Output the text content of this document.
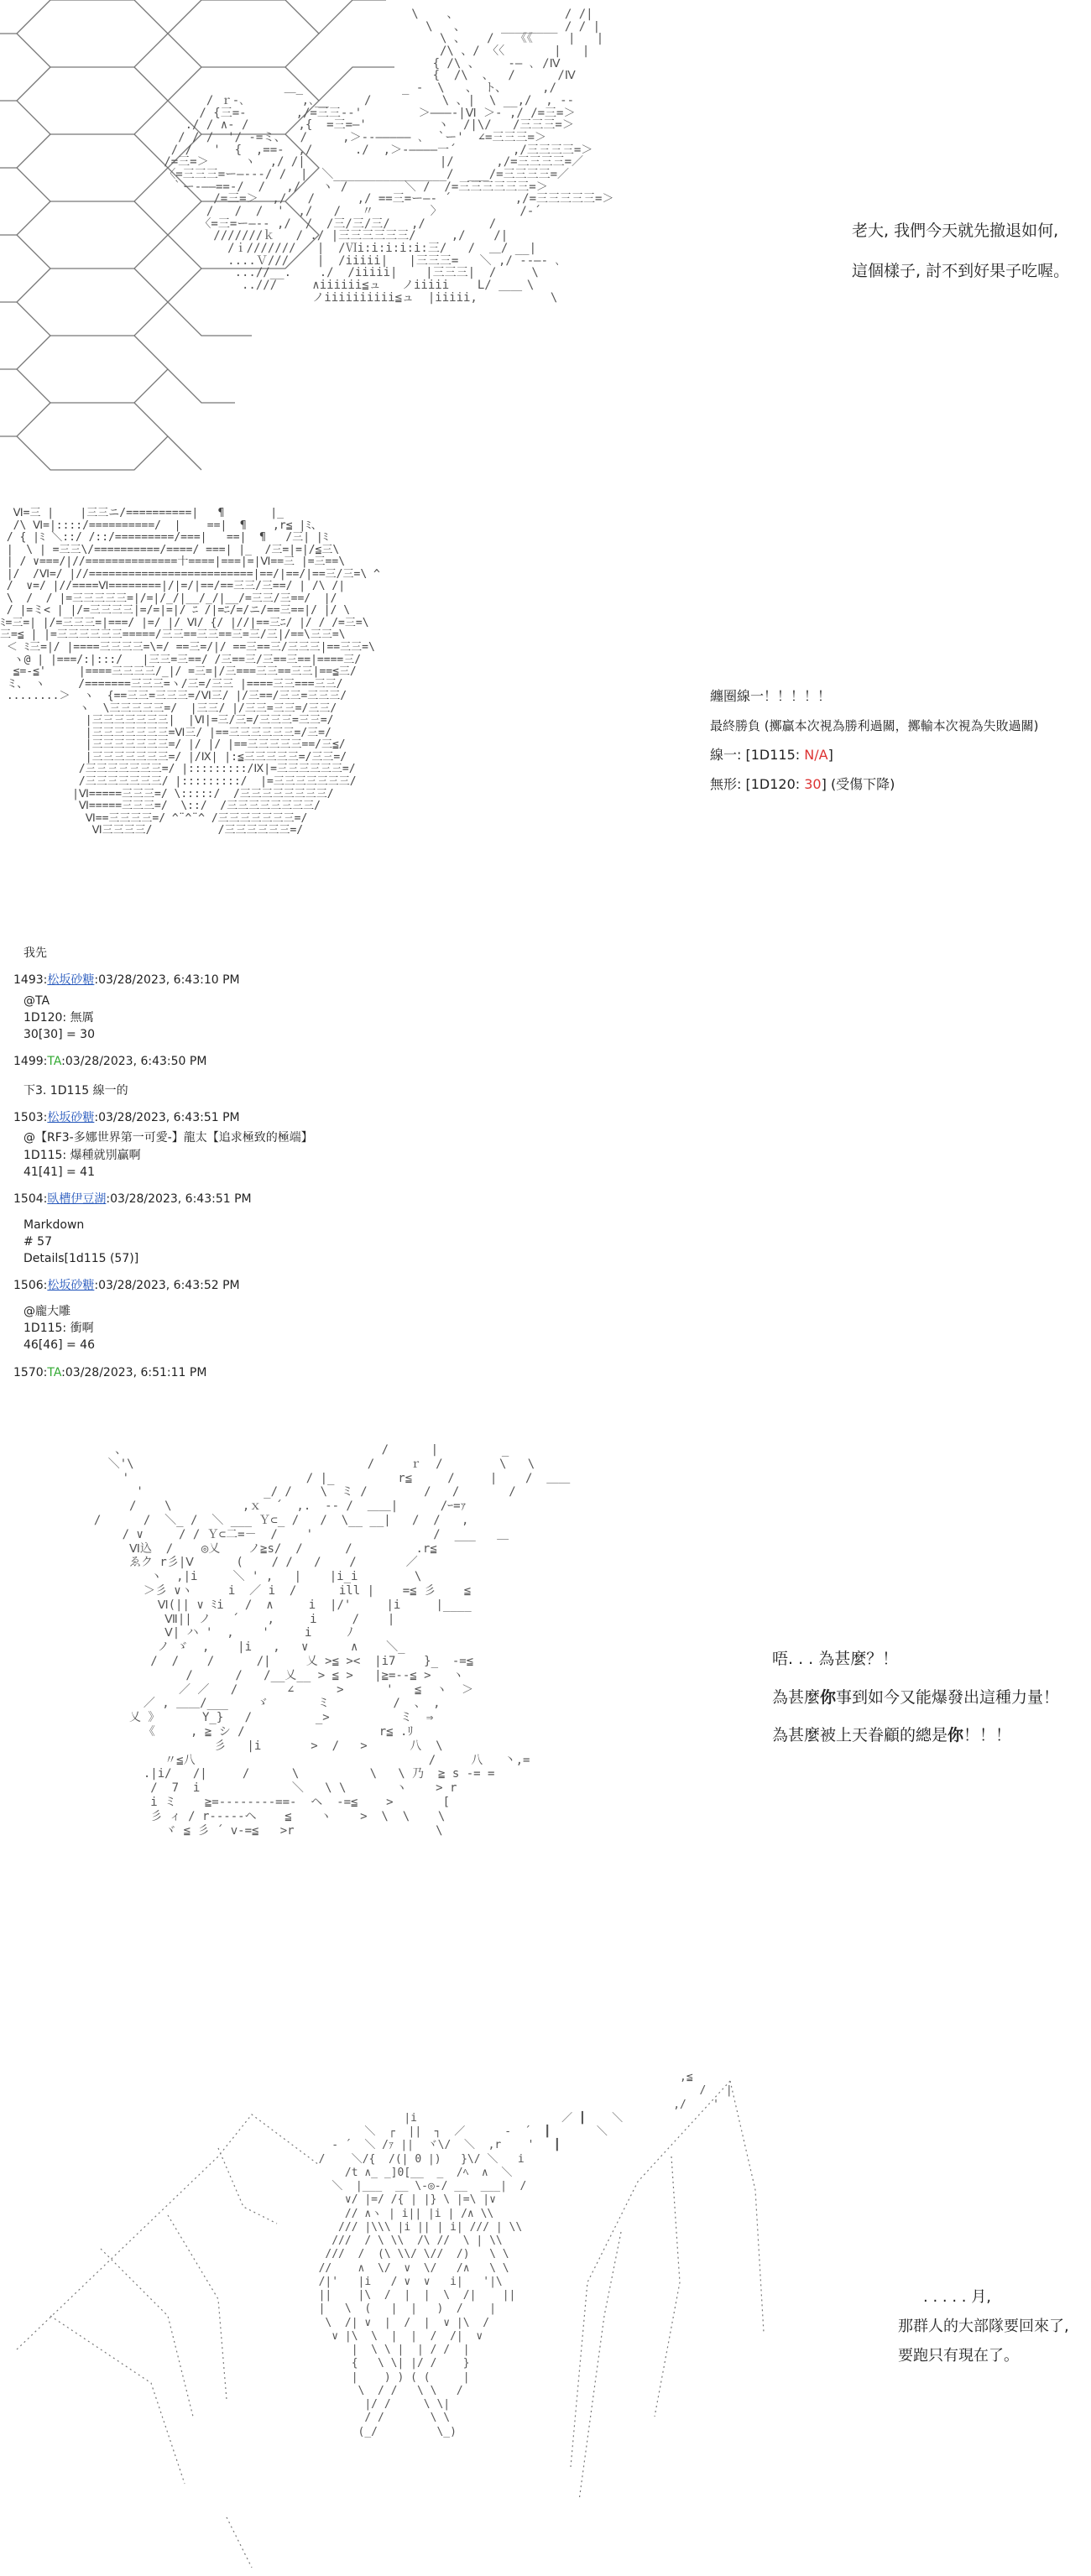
\    、               / /|
\   、     ________ / / |
\ 、   /   《《     |   |
/\ 、/ 〈〈       |   |
{ /\ 、    ‐― ､ /Ⅳ
{  /\  、  /      /Ⅳ
＿_              _ ‐  \   、 ト、     ,/
/ ｒ‐､        ,､__     /          \ 、|  \ __,/  , -‐
/ {三=-       ,/=三三-‐'        ＞―――‐|Ⅵ ＞- ,/ /=三=＞
./ / ∧‐ /       ,{  =三=―'          ヽ  /|\/   /三三三=＞
/ / /  '/ ‐=ミ、  /     ,＞‐-――――― ､  `ー'  ∠=三三三=＞
/ /   '  {  ,==-  ,/      ./  ,＞-――――一´        ,/三三三三=＞
/=三=＞     ヽ  ,/ /|                   |/      ,/=三三三三=／
〈=三三三=ー―‐-‐/ /  |  ＼________________/  ___/=三三三三=／
｀ー-――==‐/  /   ,/   ヽ /        ＼ /  /=三三三三三三=＞
/=三=＞  ,/   /      ,/ ==三=ー―‐ ´         ,/=三三三三三=＞
/   /  /  '  ,/   /   〃        〉           /‐´
〈=三=ー―-- ,/  /  /三/三/三/   ,/         /
///////ｋ   / ./ |三三三三三三/     ,/    /|
/ｉ///////   |  /Ⅵi:i:i:i:i:三/   /  ＿/ __|
....Ｖ///    |  /iiiii|   |三三三=   ＼ ,/ ‐-―‐ ､
...//__.    ./  /iiiii|    |三三三|  /     \
..///     ∧iiiiii≦ュ   ノiiiii    L/     \
ノiiiiiiiiii≦ュ  |iiiii,   ￣￣    \

老大, 我們今天就先撤退如何,

這個樣子, 討不到好果子吃喔。

Ⅵ=三 |    |三三ニ/==========|   ¶       |_
/\ Ⅵ=|::::/==========/  |    ==|  ¶    ,r≦ |ﾐ、
/ { |ﾐ ＼::/ /::/=========/===|   ==|  ¶   /三| |ﾐ
|  \ | =三三\/==========/====/ ===| |_  /三=|=|/≦三\
| / ∨===/|//==============十====|===|=|Ⅵ==三 |=三==\
|/  /Ⅵ=/ |//=========================|==/|==/|==三/三=\ ^
/  ∨=/ |//====Ⅵ========|/|=/|==/==三三/三==/ | /\ /|
\  /  / |=三三三三三=|/=|/_/|__/_/|__/=三三/三==/  |/
/ |=ミ< | |/=三三三三|=/=|=|/ ﾆ /|=ﾆ/=/ニ/==三==|/ |/ \
ﾐ=三=| |/=三三三=|===/ |=/ |/ Ⅵ/ {/ |//|==三ﾆ/ |/ / /=三=\
三=≦ | |=三三三三三三=====/三三==三三==三=三/三|/==\三三=\
＜ ﾐ三=|/ |====三三三三=\=/ ==三=/|/ ==三==三/三三三|==三三=\
ヽ@ | |===/:|:::/   |三三=三==/ /三==三/三==三==|====三/
≦=-≦'     |====三三三三/_|/ =三=|/三===三三==三三|==≦三/
ミ、 ヽ     /=======三三三=ヽ/三=/三三 |====三三===三三/
........＞  ヽ  {==三三=三三三=/Ⅵ三/ |/三==/三三=三三三/
ヽ  \三三三三三=/  |三三/ |/三三=三三=/三三/
|三三三三三三三|  |Ⅵ|=三/三=/三三三=三三=/
|三三三三三三三=Ⅵ三/ |==三三三三三三=/三=/
|三三三三三三三=/ |/ |/ |==三三三三三==/三≦/
|三三三三三三三=/ |/Ⅸ| |:≦三三三三三=/三三=/
/三三三三三三三=/ |:::::::::/Ⅸ|=三三三三三三=/
/三三三三三三三/ |:::::::::/  |=三三三三三三三/
|Ⅵ=====三三三=/ \:::::/  /三三三三三三三三/
Ⅵ=====三三三=/  \::/  /三三三三三三三三/
Ⅵ==三三三三=/ ^¨^¨^ /三三三三三三三=/
Ⅵ三三三三/          /三三三三三三=/

纏圈線一！！！！！

最終勝負 (擲贏本次視為勝利過關，擲輸本次視為失敗過關)

線一: [1D115: N/A]

無形: [1D120: 30] (受傷下降)

我先
1493:松坂砂糖:03/28/2023, 6:43:10 PM
@TA
1D120: 無厲
30[30] = 30
1499:TA:03/28/2023, 6:43:50 PM
下3. 1D115 線一的
1503:松坂砂糖:03/28/2023, 6:43:51 PM
@【RF3-多娜世界第一可愛-】龍太【追求極致的極端】
1D115: 爆種就別贏啊
41[41] = 41
1504:臥槽伊豆湖:03/28/2023, 6:43:51 PM
Markdown
# 57
Details[1d115 (57)]
1506:松坂砂糖:03/28/2023, 6:43:52 PM
@龐大雕
1D115: 衝啊
46[46] = 46
1570:TA:03/28/2023, 6:51:11 PM
、                                    /      |         _
＼'\                                 /     ｒ  /        \   \
'                         / |_         r≦     /     |    /  ＿＿
'                 _/ /    \  ミ /        /   /       /
/    \          ,ｘ  ´  ,.  -‐ /  ＿＿|      /ｰ=ｧ
/      /  ＼_ /  ＼ ___ Ｙ⊂_ /   /  \__ __|   /  /   ,
/ ∨     / / Ｙ⊂二=－  /    '                 /  ___   ＿
Ⅵ込  /    ◎乂    ノ≧s/  /      /         .r≦
ゑク r彡|Ⅴ      (    / /   /    /       ／
ヽ  ,|i     ＼ ' ,   |    |i_i        \
＞彡 ∨ヽ     i  ／ i  /      ill |    =≦ 彡    ≦
Ⅵ(|| ∨ ﾐi   /  ∧     i  |/'     |i     |____
Ⅶ|| ノ   ´    ,     i     /    |
Ⅴ| ハ '  ,    '     i     ﾉ
ノ ゞ  ,    |i   ,   ∨      ∧    ＼_
/  /    /      /|     乂 >≦ ><  |i7    }_  -=≦
/      /   /__乂__ > ≦ >   |≧=--≦ >   ヽ
／ ／   /       ∠      >      '   ≦  ヽ  ＞
／ , ＿＿/___    ゞ       ミ         /  、 ,
乂 》      Y_}   /         _>          ミ  ⇒
《     , ≧ シ /                   r≦ .ﾘ
彡   |i       >  /   >      八  \
〃≦八                                 /     八   丶,=
.|i/   /|     /      \          \   \ 乃  ≧ s -= =
/  7  i             ＼   \ \       ヽ    > r
i ミ    ≧=--------==-  ヘ  -=≦    >       [
彡 ィ / r-----ヘ    ≦    ヽ    >  \  \    \
ヾ ≦ 彡 ´ v-=≦   >r                    \
唔. . . 為甚麼？！
為甚麼你事到如今又能爆發出這種力量！
為甚麼被上天眷顧的總是你！！！
,≦
/   |
,/    '
|i                      ／ ┃    ＼
＼  ┌  ||  ┐  ／      ‐  ´  ┃       ＼
‐ ´  ＼ /ｧ ||  ヾ\/  ＼  ,r    '   ┃
/    ＼/{  /(| 0 |)   }\/ ＼   i
/t ∧_ _]0[__  _  /ﾍ  ∧  ＼
＼  |___  __ \-◎-/ __  ___|  /
∨/ |=/ /{ | |} \ |=\ |∨
// ∧ヽ | i|| |i | /∧ \\
/// |\\\ |i || | i| /// | \\
///  / \ \\  /\ //  \ | \\
///  /  (\ \\/ \//  /)   \ \
//    ∧  \/  ∨  \/   /∧   \ \
/|'   |i   / ∨  ∨   i|   '|\
||    |\  /  |  |  \  /|    ||
|   \  (   |  |   )  /    |
\  /| ∨  |  /  |  ∨ |\  /
∨ |\  \  |  |  /  /|  ∨
|  \ \ |  | / /  |
{   \ \| |/ /    }
|    ) ) ( (     |
\  / /   \ \   /
|/ /     \ \|
/ /       \ \
(_/         \_)
. . . . . 月,
那群人的大部隊要回來了,
要跑只有現在了。
